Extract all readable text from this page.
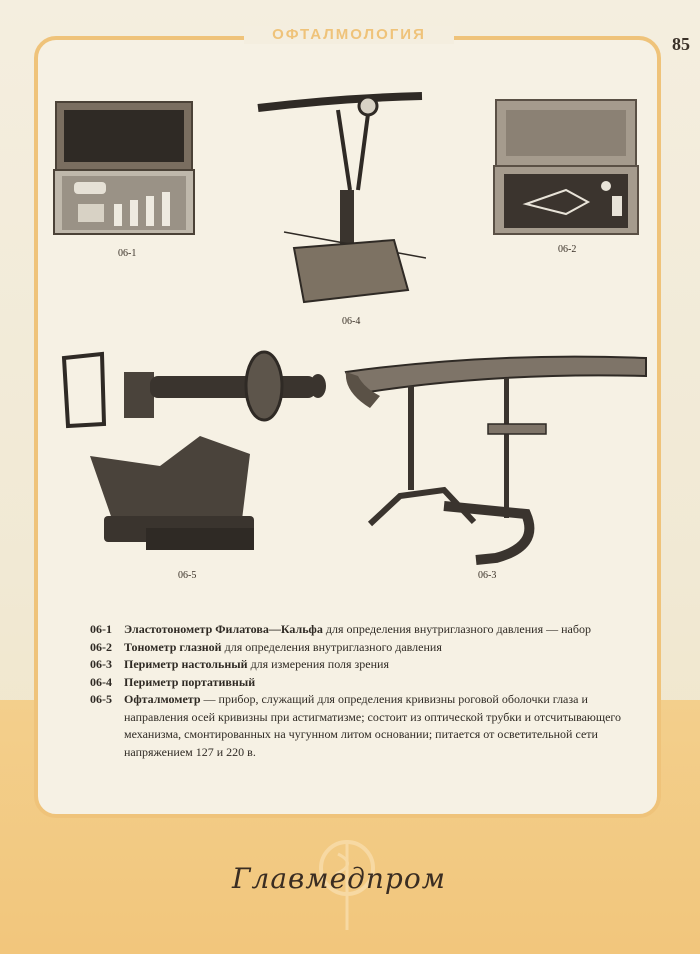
ОФТАЛМОЛОГИЯ	85
06-1	06-2
06-4
06-5	06-3
06-1	Эластотонометр Филатова—Кальфа для определения внутриглазного давления — набор
06-2	Тонометр глазной для определения внутриглазного давления
06-3	Периметр настольный для измерения поля зрения
06-4	Периметр портативный
06-5	Офталмометр — прибор, служащий для определения кривизны роговой оболочки глаза и направления осей кривизны при астигматизме; состоит из оптической трубки и отсчитывающего механизма, смонтированных на чугунном литом основании; питается от осветительной сети напряжением 127 и 220 в.
Главмедпром
